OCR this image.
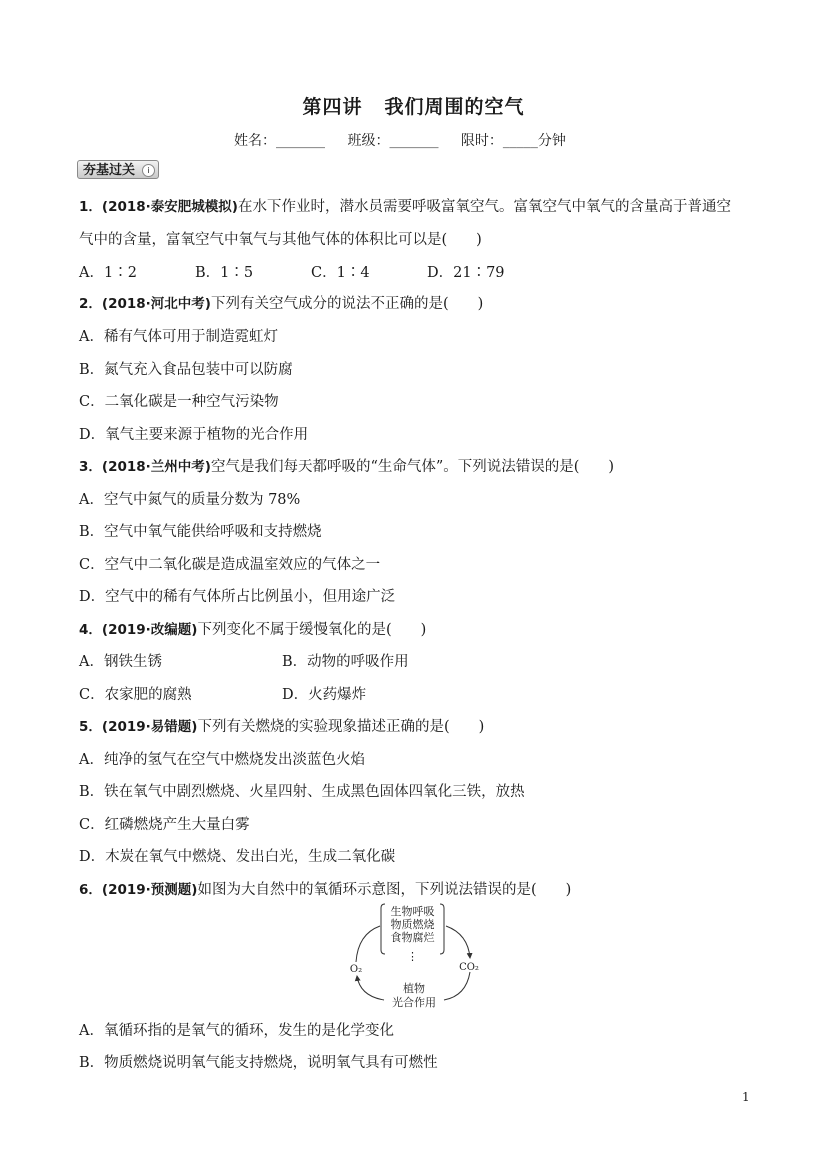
第四讲 我们周围的空气
姓名：_______ 班级：_______ 限时：_____分钟
夯基过关	i
1．(2018·泰安肥城模拟)在水下作业时，潜水员需要呼吸富氧空气。富氧空气中氧气的含量高于普通空
气中的含量，富氧空气中氧气与其他气体的体积比可以是(　　)
A．1∶2	B．1∶5	C．1∶4	D．21∶79
2．(2018·河北中考)下列有关空气成分的说法不正确的是(　　)
A．稀有气体可用于制造霓虹灯
B．氮气充入食品包装中可以防腐
C．二氧化碳是一种空气污染物
D．氧气主要来源于植物的光合作用
3．(2018·兰州中考)空气是我们每天都呼吸的“生命气体”。下列说法错误的是(　　)
A．空气中氮气的质量分数为 78%
B．空气中氧气能供给呼吸和支持燃烧
C．空气中二氧化碳是造成温室效应的气体之一
D．空气中的稀有气体所占比例虽小，但用途广泛
4．(2019·改编题)下列变化不属于缓慢氧化的是(　　)
A．钢铁生锈	B．动物的呼吸作用
C．农家肥的腐熟	D．火药爆炸
5．(2019·易错题)下列有关燃烧的实验现象描述正确的是(　　)
A．纯净的氢气在空气中燃烧发出淡蓝色火焰
B．铁在氧气中剧烈燃烧、火星四射、生成黑色固体四氧化三铁，放热
C．红磷燃烧产生大量白雾
D．木炭在氧气中燃烧、发出白光，生成二氧化碳
6．(2019·预测题)如图为大自然中的氧循环示意图，下列说法错误的是(　　)
生物呼吸
物质燃烧
食物腐烂
⋮
O₂	CO₂
植物
光合作用
A．氧循环指的是氧气的循环，发生的是化学变化
B．物质燃烧说明氧气能支持燃烧，说明氧气具有可燃性
1
